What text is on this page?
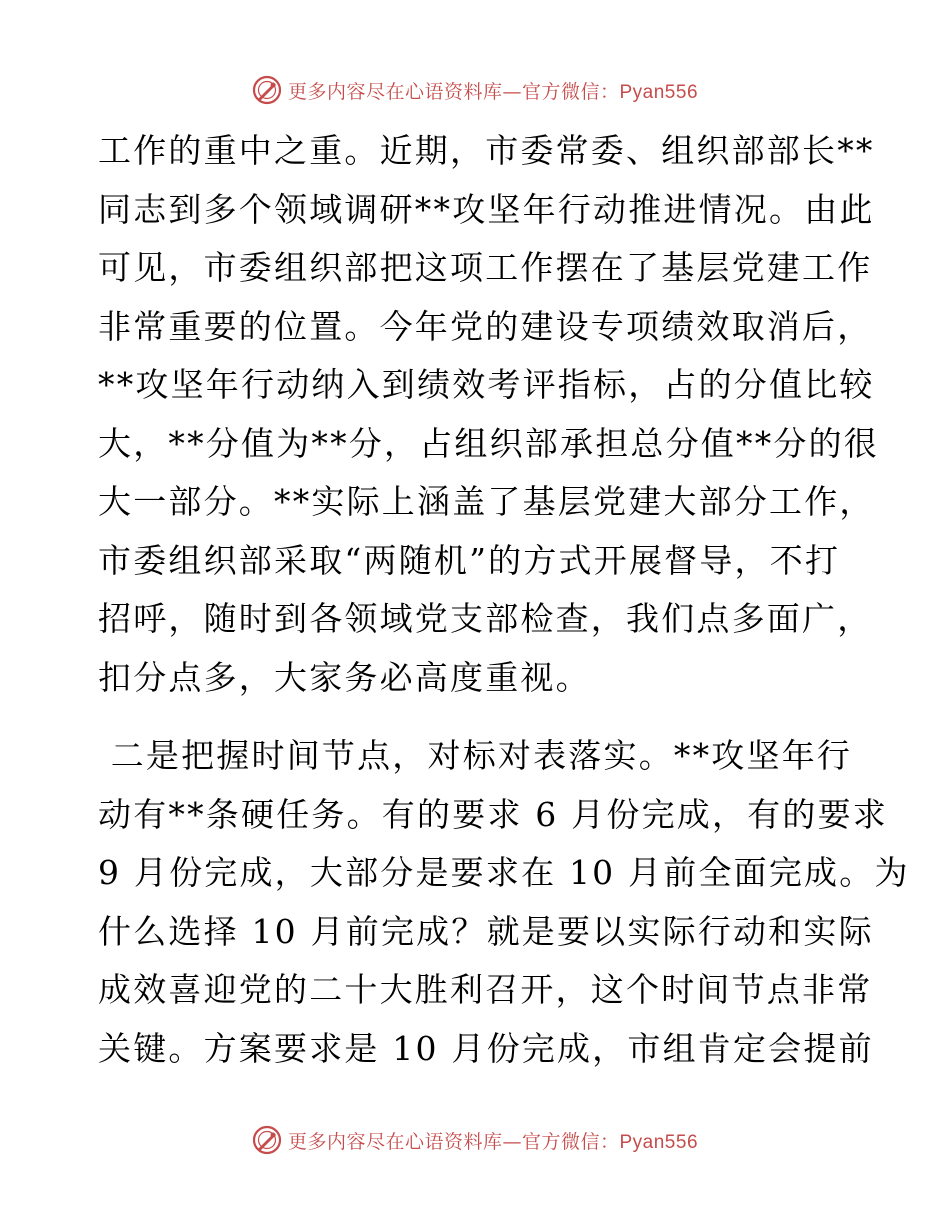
更多内容尽在心语资料库—官方微信：Pyan556
工作的重中之重。近期，市委常委、组织部部长**
同志到多个领域调研**攻坚年行动推进情况。由此
可见，市委组织部把这项工作摆在了基层党建工作
非常重要的位置。今年党的建设专项绩效取消后，
**攻坚年行动纳入到绩效考评指标，占的分值比较
大，**分值为**分，占组织部承担总分值**分的很
大一部分。**实际上涵盖了基层党建大部分工作，
市委组织部采取“两随机”的方式开展督导，不打
招呼，随时到各领域党支部检查，我们点多面广，
扣分点多，大家务必高度重视。
二是把握时间节点，对标对表落实。**攻坚年行
动有**条硬任务。有的要求 6 月份完成，有的要求
9 月份完成，大部分是要求在 10 月前全面完成。为
什么选择 10 月前完成？就是要以实际行动和实际
成效喜迎党的二十大胜利召开，这个时间节点非常
关键。方案要求是 10 月份完成，市组肯定会提前
更多内容尽在心语资料库—官方微信：Pyan556
